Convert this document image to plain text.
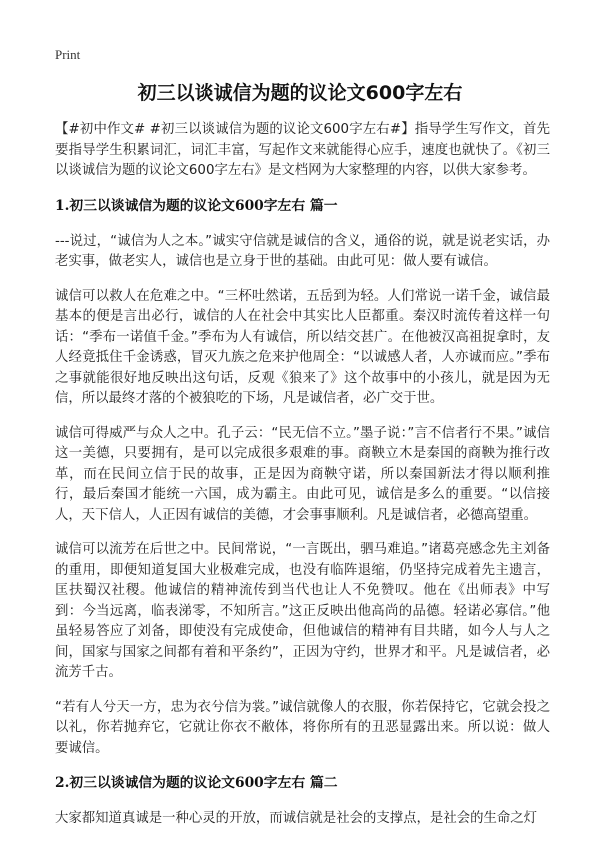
Print
初三以谈诚信为题的议论文600字左右

【#初中作文# #初三以谈诚信为题的议论文600字左右#】指导学生写作文，首先要指导学生积累词汇，词汇丰富，写起作文来就能得心应手，速度也就快了。《初三以谈诚信为题的议论文600字左右》是文档网为大家整理的内容，以供大家参考。

1.初三以谈诚信为题的议论文600字左右 篇一

---说过，“诚信为人之本。”诚实守信就是诚信的含义，通俗的说，就是说老实话，办老实事，做老实人，诚信也是立身于世的基础。由此可见：做人要有诚信。

诚信可以救人在危难之中。“三杯吐然诺，五岳到为轻。人们常说一诺千金，诚信最基本的便是言出必行，诚信的人在社会中其实比人臣都重。秦汉时流传着这样一句话：“季布一诺值千金。”季布为人有诚信，所以结交甚广。在他被汉高祖捉拿时，友人经竟抵住千金诱惑，冒灭九族之危来护他周全：“以诚感人者，人亦诚而应。”季布之事就能很好地反映出这句话，反观《狼来了》这个故事中的小孩儿，就是因为无信，所以最终才落的个被狼吃的下场，凡是诚信者，必广交于世。

诚信可得威严与众人之中。孔子云：“民无信不立。”墨子说：”言不信者行不果。”诚信这一美德，只要拥有，是可以完成很多艰难的事。商鞅立木是秦国的商鞅为推行改革，而在民间立信于民的故事，正是因为商鞅守诺，所以秦国新法才得以顺利推行，最后秦国才能统一六国，成为霸主。由此可见，诚信是多么的重要。“以信接人，天下信人，人正因有诚信的美德，才会事事顺利。凡是诚信者，必德高望重。

诚信可以流芳在后世之中。民间常说，“一言既出，驷马难追。”诸葛亮感念先主刘备的重用，即便知道复国大业极难完成，也没有临阵退缩，仍坚持完成着先主遗言，匡扶蜀汉社稷。他诚信的精神流传到当代也让人不免赞叹。他在《出师表》中写到：今当远离，临表涕零，不知所言。”这正反映出他高尚的品德。轻诺必寡信。”他虽轻易答应了刘备，即使没有完成使命，但他诚信的精神有目共睹，如今人与人之间，国家与国家之间都有着和平条约”，正因为守约，世界才和平。凡是诚信者，必流芳千古。

“若有人兮天一方，忠为衣兮信为裳。”诚信就像人的衣服，你若保持它，它就会投之以礼，你若抛弃它，它就让你衣不敝体，将你所有的丑恶显露出来。所以说：做人要诚信。

2.初三以谈诚信为题的议论文600字左右 篇二

大家都知道真诚是一种心灵的开放，而诚信就是社会的支撑点，是社会的生命之灯
